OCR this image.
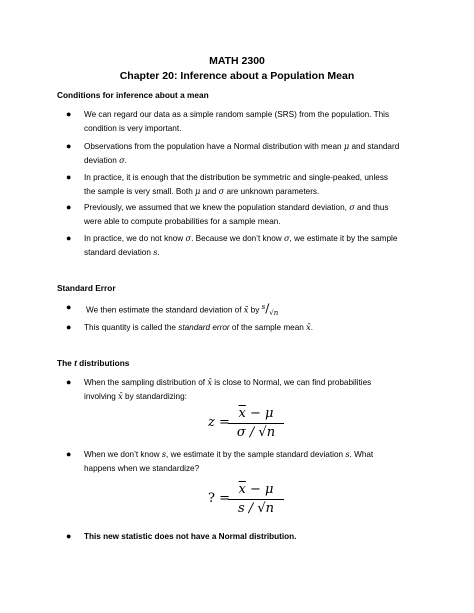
MATH 2300
Chapter 20: Inference about a Population Mean
Conditions for inference about a mean
● We can regard our data as a simple random sample (SRS) from the population. This
condition is very important.
● Observations from the population have a Normal distribution with mean μ and standard
deviation σ.
● In practice, it is enough that the distribution be symmetric and single-peaked, unless
the sample is very small. Both μ and σ are unknown parameters.
● Previously, we assumed that we knew the population standard deviation, σ and thus
were able to compute probabilities for a sample mean.
● In practice, we do not know σ. Because we don’t know σ, we estimate it by the sample
standard deviation s.
Standard Error
● We then estimate the standard deviation of x̄ by s/√n
● This quantity is called the standard error of the sample mean x̄.
The t distributions
● When the sampling distribution of x̄ is close to Normal, we can find probabilities
involving x̄ by standardizing:
z =
$\overline{x} - \mu$
σ / √n
● When we don’t know s, we estimate it by the sample standard deviation s. What
happens when we standardize?
? =
$\overline{x} - \mu$
s / √n
● This new statistic does not have a Normal distribution.
